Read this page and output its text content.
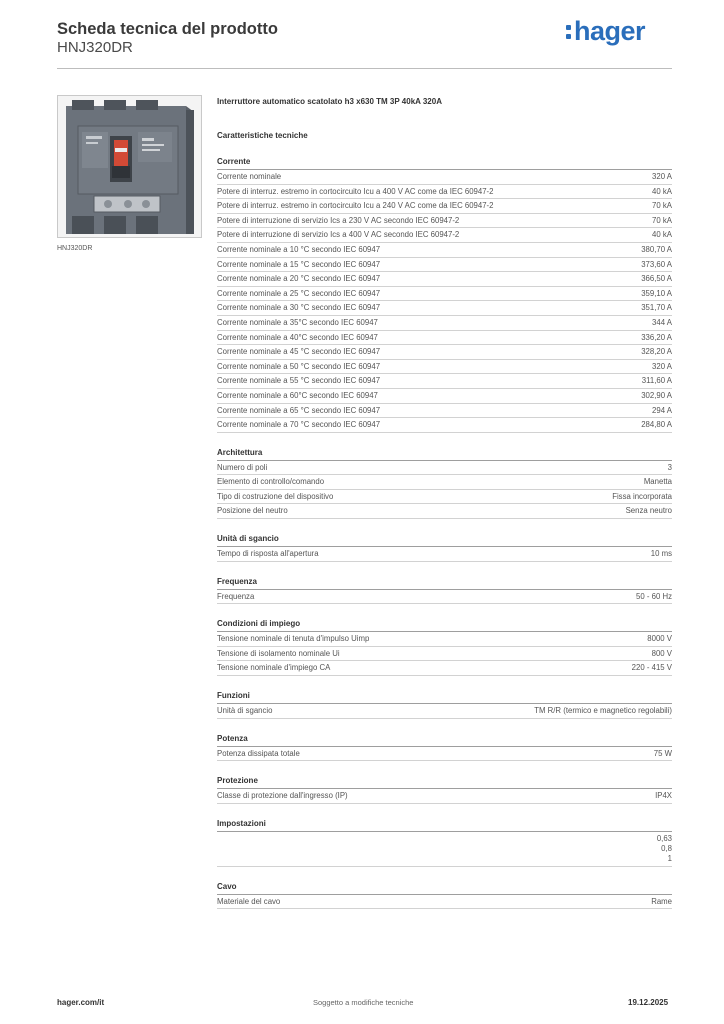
Scheda tecnica del prodotto
HNJ320DR
hager
HNJ320DR
Interruttore automatico scatolato h3 x630 TM 3P 40kA 320A
Caratteristiche tecniche
Corrente
Corrente nominale	320 A
Potere di interruz. estremo in cortocircuito Icu a 400 V AC come da IEC 60947-2	40 kA
Potere di interruz. estremo in cortocircuito Icu a 240 V AC come da IEC 60947-2	70 kA
Potere di interruzione di servizio Ics a 230 V AC secondo IEC 60947-2	70 kA
Potere di interruzione di servizio Ics a 400 V AC secondo IEC 60947-2	40 kA
Corrente nominale a 10 °C secondo IEC 60947	380,70 A
Corrente nominale a 15 °C secondo IEC 60947	373,60 A
Corrente nominale a 20 °C secondo IEC 60947	366,50 A
Corrente nominale a 25 °C secondo IEC 60947	359,10 A
Corrente nominale a 30 °C secondo IEC 60947	351,70 A
Corrente nominale a 35°C secondo IEC 60947	344 A
Corrente nominale a 40°C secondo IEC 60947	336,20 A
Corrente nominale a 45 °C secondo IEC 60947	328,20 A
Corrente nominale a 50 °C secondo IEC 60947	320 A
Corrente nominale a 55 °C secondo IEC 60947	311,60 A
Corrente nominale a 60°C secondo IEC 60947	302,90 A
Corrente nominale a 65 °C secondo IEC 60947	294 A
Corrente nominale a 70 °C secondo IEC 60947	284,80 A
Architettura
Numero di poli	3
Elemento di controllo/comando	Manetta
Tipo di costruzione del dispositivo	Fissa incorporata
Posizione del neutro	Senza neutro
Unità di sgancio
Tempo di risposta all'apertura	10 ms
Frequenza
Frequenza	50 - 60 Hz
Condizioni di impiego
Tensione nominale di tenuta d'impulso Uimp	8000 V
Tensione di isolamento nominale Ui	800 V
Tensione nominale d'impiego CA	220 - 415 V
Funzioni
Unità di sgancio	TM R/R (termico e magnetico regolabili)
Potenza
Potenza dissipata totale	75 W
Protezione
Classe di protezione dall'ingresso (IP)	IP4X
Impostazioni
0,63
0,8
1
Cavo
Materiale del cavo	Rame
hager.com/it	Soggetto a modifiche tecniche	19.12.2025
